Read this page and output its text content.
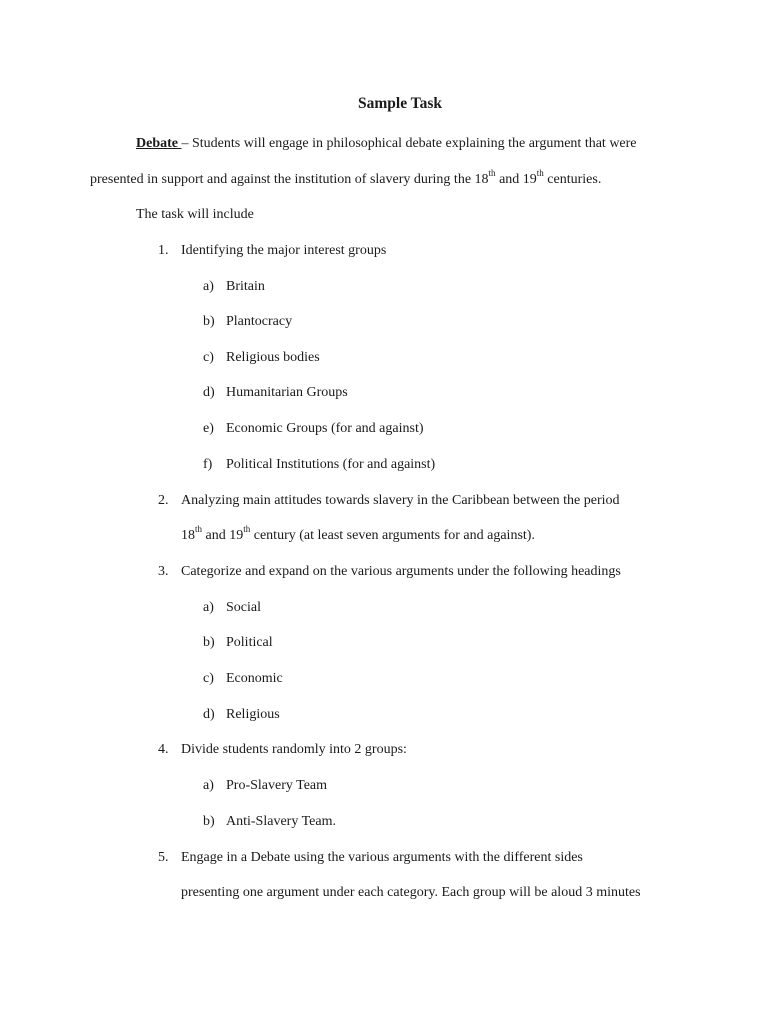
Sample Task
Debate – Students will engage in philosophical debate explaining the argument that were
presented in support and against the institution of slavery during the 18th and 19th centuries.
The task will include
1. Identifying the major interest groups
a) Britain
b) Plantocracy
c) Religious bodies
d) Humanitarian Groups
e) Economic Groups (for and against)
f) Political Institutions (for and against)
2. Analyzing main attitudes towards slavery in the Caribbean between the period
18th and 19th century (at least seven arguments for and against).
3. Categorize and expand on the various arguments under the following headings
a) Social
b) Political
c) Economic
d) Religious
4. Divide students randomly into 2 groups:
a) Pro-Slavery Team
b) Anti-Slavery Team.
5. Engage in a Debate using the various arguments with the different sides
presenting one argument under each category. Each group will be aloud 3 minutes
